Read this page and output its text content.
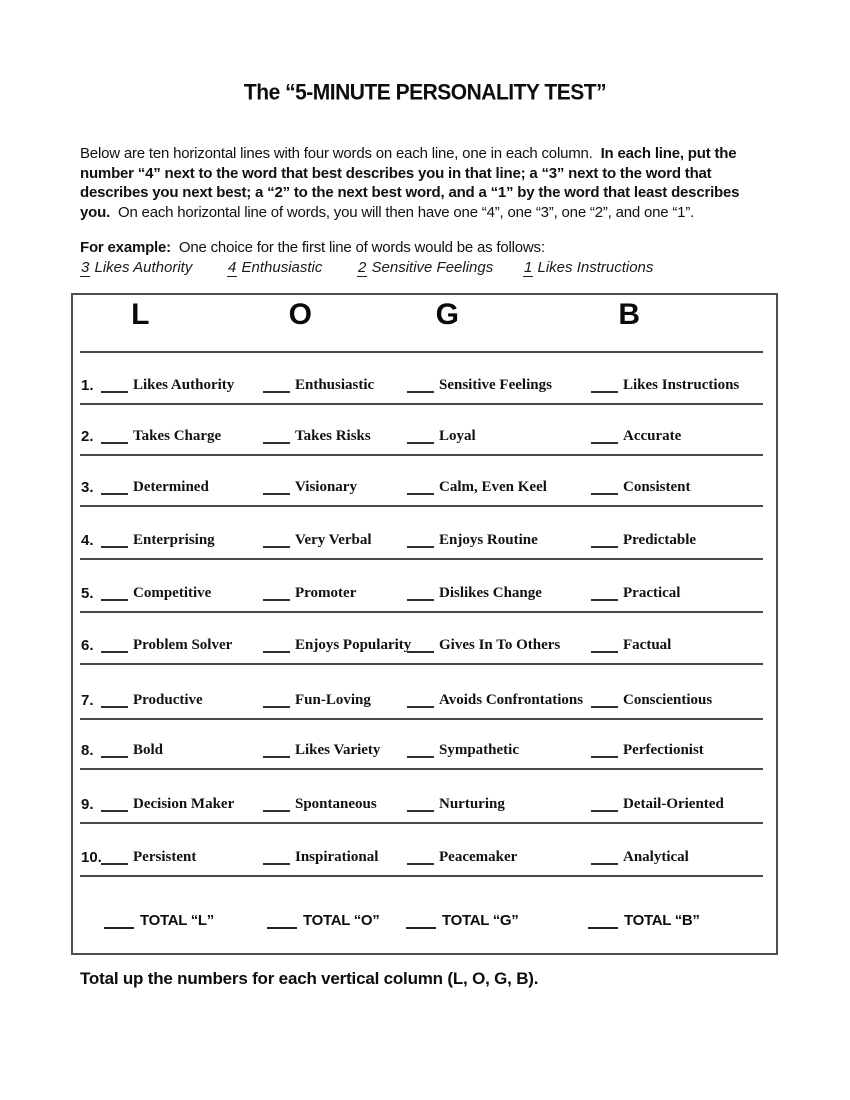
The “5-MINUTE PERSONALITY TEST”

Below are ten horizontal lines with four words on each line, one in each column.  In each line, put the number “4” next to the word that best describes you in that line; a “3” next to the word that describes you next best; a “2” to the next best word, and a “1” by the word that least describes you.  On each horizontal line of words, you will then have one “4”, one “3”, one “2”, and one “1”.

For example:  One choice for the first line of words would be as follows:

3 Likes Authority 4 Enthusiastic 2 Sensitive Feelings 1 Likes Instructions
L	O	G	B
1.	Likes Authority	Enthusiastic	Sensitive Feelings	Likes Instructions
2.	Takes Charge	Takes Risks	Loyal	Accurate
3.	Determined	Visionary	Calm, Even Keel	Consistent
4.	Enterprising	Very Verbal	Enjoys Routine	Predictable
5.	Competitive	Promoter	Dislikes Change	Practical
6.	Problem Solver	Enjoys Popularity	Gives In To Others	Factual
7.	Productive	Fun-Loving	Avoids Confrontations	Conscientious
8.	Bold	Likes Variety	Sympathetic	Perfectionist
9.	Decision Maker	Spontaneous	Nurturing	Detail-Oriented
10.	Persistent	Inspirational	Peacemaker	Analytical
TOTAL “L”	TOTAL “O”	TOTAL “G”	TOTAL “B”

Total up the numbers for each vertical column (L, O, G, B).
